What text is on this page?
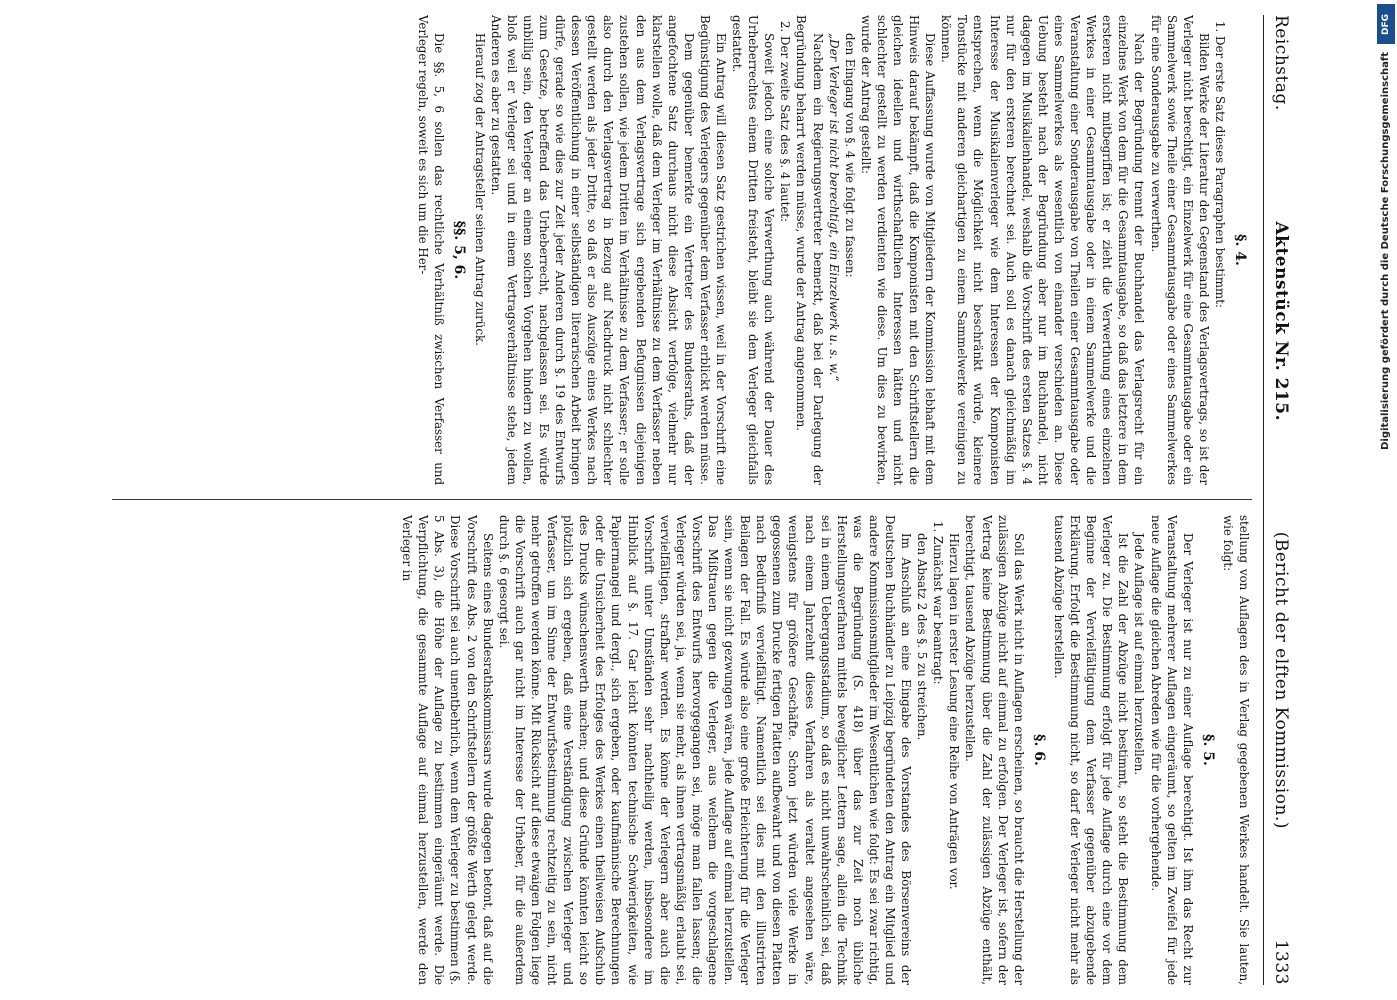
Reichstag.
Aktenstück Nr. 215.
(Bericht der elften Kommission.)
1333
§. 4.

1. Der erste Satz dieses Paragraphen bestimmt:

Bilden Werke der Literatur den Gegenstand des Verlagsvertrags, so ist der Verleger nicht berechtigt, ein Einzelwerk für eine Gesammtausgabe oder ein Sammelwerk sowie Theile einer Gesammtausgabe oder eines Sammelwerkes für eine Sonderausgabe zu verwerthen.

Nach der Begründung trennt der Buchhandel das Verlagsrecht für ein einzelnes Werk von dem für die Gesammtausgabe, so daß das letztere in dem ersteren nicht mitbegriffen ist; er zieht die Verwerthung eines einzelnen Werkes in einer Gesammtausgabe oder in einem Sammelwerke und die Veranstaltung einer Sonderausgabe von Theilen einer Gesammtausgabe oder eines Sammelwerkes als wesentlich von einander verschieden an. Diese Uebung besteht nach der Begründung aber nur im Buchhandel, nicht dagegen im Musikalienhandel, weshalb die Vorschrift des ersten Satzes §. 4 nur für den ersteren berechnet sei. Auch soll es danach gleichmäßig im Interesse der Musikalienverleger wie dem Interessen der Komponisten entsprechen, wenn die Möglichkeit nicht beschränkt würde, kleinere Tonstücke mit anderen gleichartigen zu einem Sammelwerke vereinigen zu können.

Diese Auffassung wurde von Mitgliedern der Kommission lebhaft mit dem Hinweis darauf bekämpft, daß die Komponisten mit den Schriftstellern die gleichen ideellen und wirthschaftlichen Interessen hätten und nicht schlechter gestellt zu werden verdienten wie diese. Um dies zu bewirken, wurde der Antrag gestellt:

den Eingang von §. 4 wie folgt zu fassen:

„Der Verleger ist nicht berechtigt, ein Einzelwerk u. s. w.“

Nachdem ein Regierungsvertreter bemerkt, daß bei der Darlegung der Begründung beharrt werden müsse, wurde der Antrag angenommen.

2. Der zweite Satz des §. 4 lautet:

Soweit jedoch eine solche Verwerthung auch während der Dauer des Urheberrechtes einem Dritten freisteht, bleibt sie dem Verleger gleichfalls gestattet.

Ein Antrag will diesen Satz gestrichen wissen, weil in der Vorschrift eine Begünstigung des Verlegers gegenüber dem Verfasser erblickt werden müsse.

Dem gegenüber bemerkte ein Vertreter des Bundesraths, daß der angefochtene Satz durchaus nicht diese Absicht verfolge, vielmehr nur klarstellen wolle, daß dem Verleger im Verhältnisse zu dem Verfasser neben den aus dem Verlagsvertrage sich ergebenden Befugnissen diejenigen zustehen sollen, wie jedem Dritten im Verhältnisse zu dem Verfasser; er solle also durch den Verlagsvertrag in Bezug auf Nachdruck nicht schlechter gestellt werden als jeder Dritte, so daß er also Auszüge eines Werkes nach dessen Veröffentlichung in einer selbständigen literarischen Arbeit bringen dürfe, gerade so wie dies zur Zeit jeder Anderen durch §. 19 des Entwurfs zum Gesetze, betreffend das Urheberrecht, nachgelassen sei. Es würde unbillig sein, den Verleger an einem solchen Vorgehen hindern zu wollen, bloß weil er Verleger sei und in einem Vertragsverhältnisse stehe, jedem Anderen es aber zu gestatten.

Hierauf zog der Antragsteller seinen Antrag zurück.

§§. 5, 6.

Die §§. 5, 6 sollen das rechtliche Verhältniß zwischen Verfasser und Verleger regeln, soweit es sich um die Her-

stellung von Auflagen des in Verlag gegebenen Werkes handelt. Sie lauten, wie folgt:

§. 5.

Der Verleger ist nur zu einer Auflage berechtigt. Ist ihm das Recht zur Veranstaltung mehrerer Auflagen eingeräumt, so gelten im Zweifel für jede neue Auflage die gleichen Abreden wie für die vorhergehende.

Jede Auflage ist auf einmal herzustellen.

Ist die Zahl der Abzüge nicht bestimmt, so steht die Bestimmung dem Verleger zu. Die Bestimmung erfolgt für jede Auflage durch eine vor dem Beginne der Vervielfältigung dem Verfasser gegenüber abzugebende Erklärung. Erfolgt die Bestimmung nicht, so darf der Verleger nicht mehr als tausend Abzüge herstellen.

§. 6.

Soll das Werk nicht in Auflagen erscheinen, so braucht die Herstellung der zulässigen Abzüge nicht auf einmal zu erfolgen. Der Verleger ist, sofern der Vertrag keine Bestimmung über die Zahl der zulässigen Abzüge enthält, berechtigt, tausend Abzüge herzustellen.

Hierzu lagen in erster Lesung eine Reihe von Anträgen vor.

1. Zunächst war beantragt:

den Absatz 2 des §. 5 zu streichen.

Im Anschluß an eine Eingabe des Vorstandes des Börsenvereins der Deutschen Buchhändler zu Leipzig begründeten den Antrag ein Mitglied und andere Kommissionsmitglieder im Wesentlichen wie folgt: Es sei zwar richtig, was die Begründung (S. 418) über das zur Zeit noch übliche Herstellungsverfahren mittels beweglicher Lettern sage, allein die Technik sei in einem Uebergangsstadium, so daß es nicht unwahrscheinlich sei, daß nach einem Jahrzehnt dieses Verfahren als veraltet angesehen wäre, wenigstens für größere Geschäfte. Schon jetzt würden viele Werke in gegossenen zum Drucke fertigen Platten aufbewahrt und von diesen Platten nach Bedürfniß vervielfältigt. Namentlich sei dies mit den illustrirten Beilagen der Fall. Es würde also eine große Erleichterung für die Verleger sein, wenn sie nicht gezwungen wären, jede Auflage auf einmal herzustellen. Das Mißtrauen gegen die Verleger, aus welchem die vorgeschlagene Vorschrift des Entwurfs hervorgegangen sei, möge man fallen lassen; die Verleger würden sei, ja, wenn sie mehr, als ihnen vertragsmäßig erlaubt sei, vervielfältigen, strafbar werden. Es könne der Verlegern aber auch die Vorschrift unter Umständen sehr nachtheilig werden, insbesondere im Hinblick auf §. 17. Gar leicht könnten technische Schwierigkeiten, wie Papiermangel und dergl., sich ergeben, oder kaufmännische Berechnungen oder die Unsicherheit des Erfolges des Werkes einen theilweisen Aufschub des Drucks wünschenswerth machen; und diese Gründe könnten leicht so plötzlich sich ergeben, daß eine Verständigung zwischen Verleger und Verfasser, um im Sinne der Entwurfsbestimmung rechtzeitig zu sein, nicht mehr getroffen werden könne. Mit Rücksicht auf diese etwaigen Folgen liege die Vorschrift auch gar nicht im Interesse der Urheber, für die außerdem durch §. 6 gesorgt sei.

Seitens eines Bundesrathskommissars wurde dagegen betont, daß auf die Vorschrift des Abs. 2 von den Schriftstellern der größte Werth gelegt werde. Diese Vorschrift sei auch unentbehrlich, wenn dem Verleger zu bestimmen (§. 5 Abs. 3), die Höhe der Auflage zu bestimmen eingeräumt werde. Die Verpflichtung, die gesammte Auflage auf einmal herzustellen, werde den Verleger in

DFG
Digitalisierung gefördert durch die Deutsche Forschungsgemeinschaft
